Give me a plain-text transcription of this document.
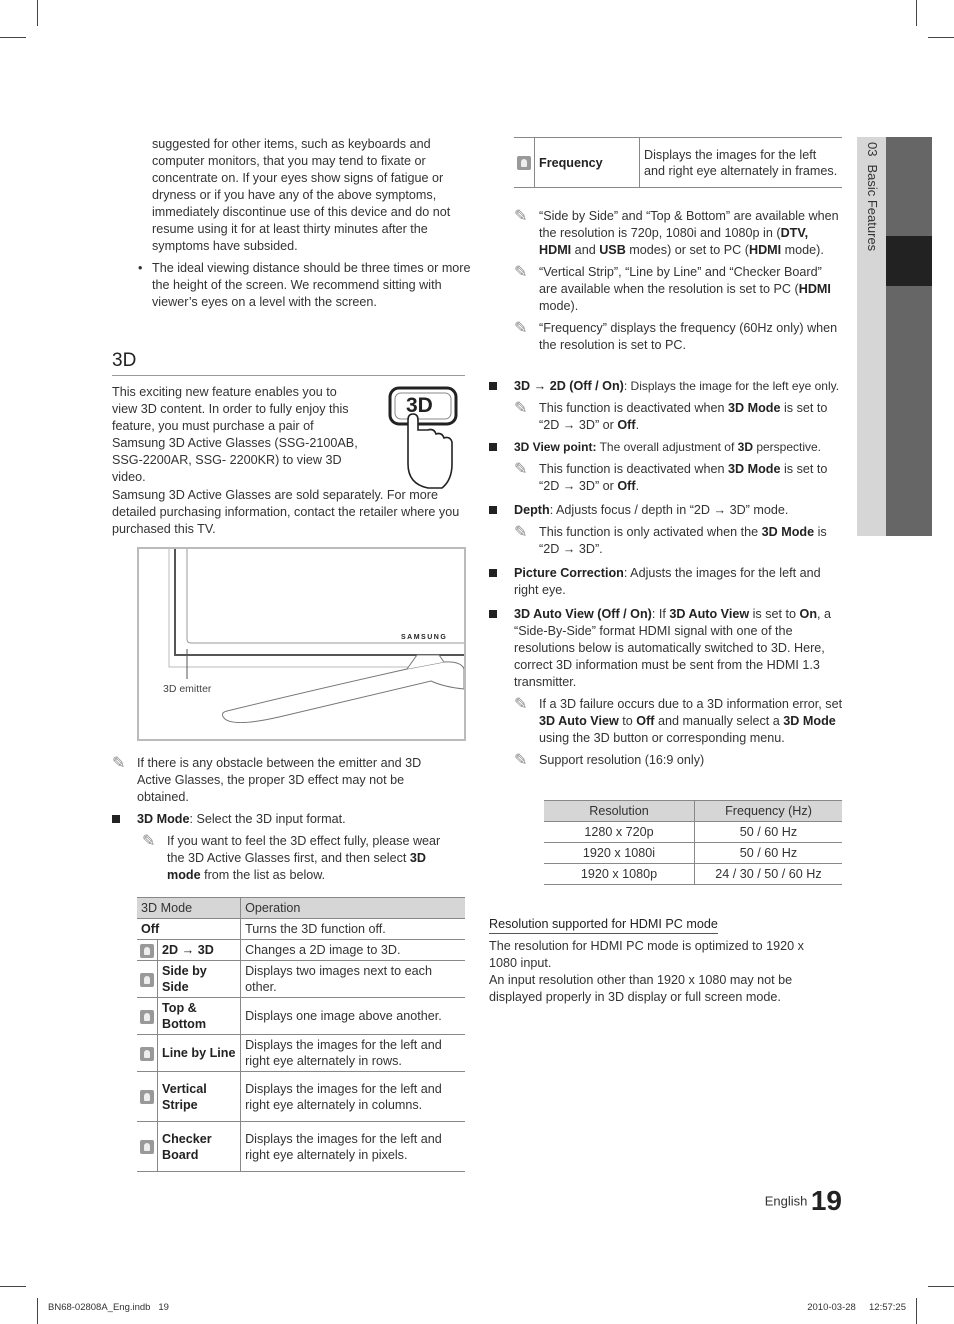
suggested for other items, such as keyboards and computer monitors, that you may tend to fixate or concentrate on. If your eyes show signs of fatigue or dryness or if you have any of the above symptoms, immediately discontinue use of this device and do not resume using it for at least thirty minutes after the symptoms have subsided.

• The ideal viewing distance should be three times or more the height of the screen. We recommend sitting with viewer’s eyes on a level with the screen.
3D

This exciting new feature enables you to view 3D content. In order to fully enjoy this feature, you must purchase a pair of Samsung 3D Active Glasses (SSG-2100AB, SSG-2200AR, SSG- 2200KR) to view 3D video.

3D

Samsung 3D Active Glasses are sold separately. For more detailed purchasing information, contact the retailer where you purchased this TV.

SAMSUNG
3D emitter
✎ If there is any obstacle between the emitter and 3D Active Glasses, the proper 3D effect may not be obtained.
3D Mode: Select the 3D input format.
✎ If you want to feel the 3D effect fully, please wear the 3D Active Glasses first, and then select 3D mode from the list as below.
3D Mode		Operation
Off		Turns the 3D function off.
	2D → 3D	Changes a 2D image to 3D.
	Side by Side	Displays two images next to each other.
	Top & Bottom	Displays one image above another.
	Line by Line	Displays the images for the left and right eye alternately in rows.
	Vertical Stripe	Displays the images for the left and right eye alternately in columns.
	Checker Board	Displays the images for the left and right eye alternately in pixels.
	Frequency	Displays the images for the left and right eye alternately in frames.
✎ “Side by Side” and “Top & Bottom” are available when the resolution is 720p, 1080i and 1080p in (DTV, HDMI and USB modes) or set to PC (HDMI mode).
✎ “Vertical Strip”, “Line by Line” and “Checker Board” are available when the resolution is set to PC (HDMI mode).
✎ “Frequency” displays the frequency (60Hz only) when the resolution is set to PC.
3D → 2D (Off / On): Displays the image for the left eye only.
✎ This function is deactivated when 3D Mode is set to “2D → 3D” or Off.
3D View point: The overall adjustment of 3D perspective.
✎ This function is deactivated when 3D Mode is set to “2D → 3D” or Off.
Depth: Adjusts focus / depth in “2D → 3D” mode.
✎ This function is only activated when the 3D Mode is “2D → 3D”.
Picture Correction: Adjusts the images for the left and right eye.
3D Auto View (Off / On): If 3D Auto View is set to On, a “Side-By-Side” format HDMI signal with one of the resolutions below is automatically switched to 3D. Here, correct 3D information must be sent from the HDMI 1.3 transmitter.
✎ If a 3D failure occurs due to a 3D information error, set 3D Auto View to Off and manually select a 3D Mode using the 3D button or corresponding menu.
✎ Support resolution (16:9 only)
Resolution	Frequency (Hz)
1280 x 720p	50 / 60 Hz
1920 x 1080i	50 / 60 Hz
1920 x 1080p	24 / 30 / 50 / 60 Hz
Resolution supported for HDMI PC mode

The resolution for HDMI PC mode is optimized to 1920 x 1080 input.

An input resolution other than 1920 x 1080 may not be displayed properly in 3D display or full screen mode.

03Basic Features
English 19
BN68-02808A_Eng.indb   19	2010-03-28     12:57:25
